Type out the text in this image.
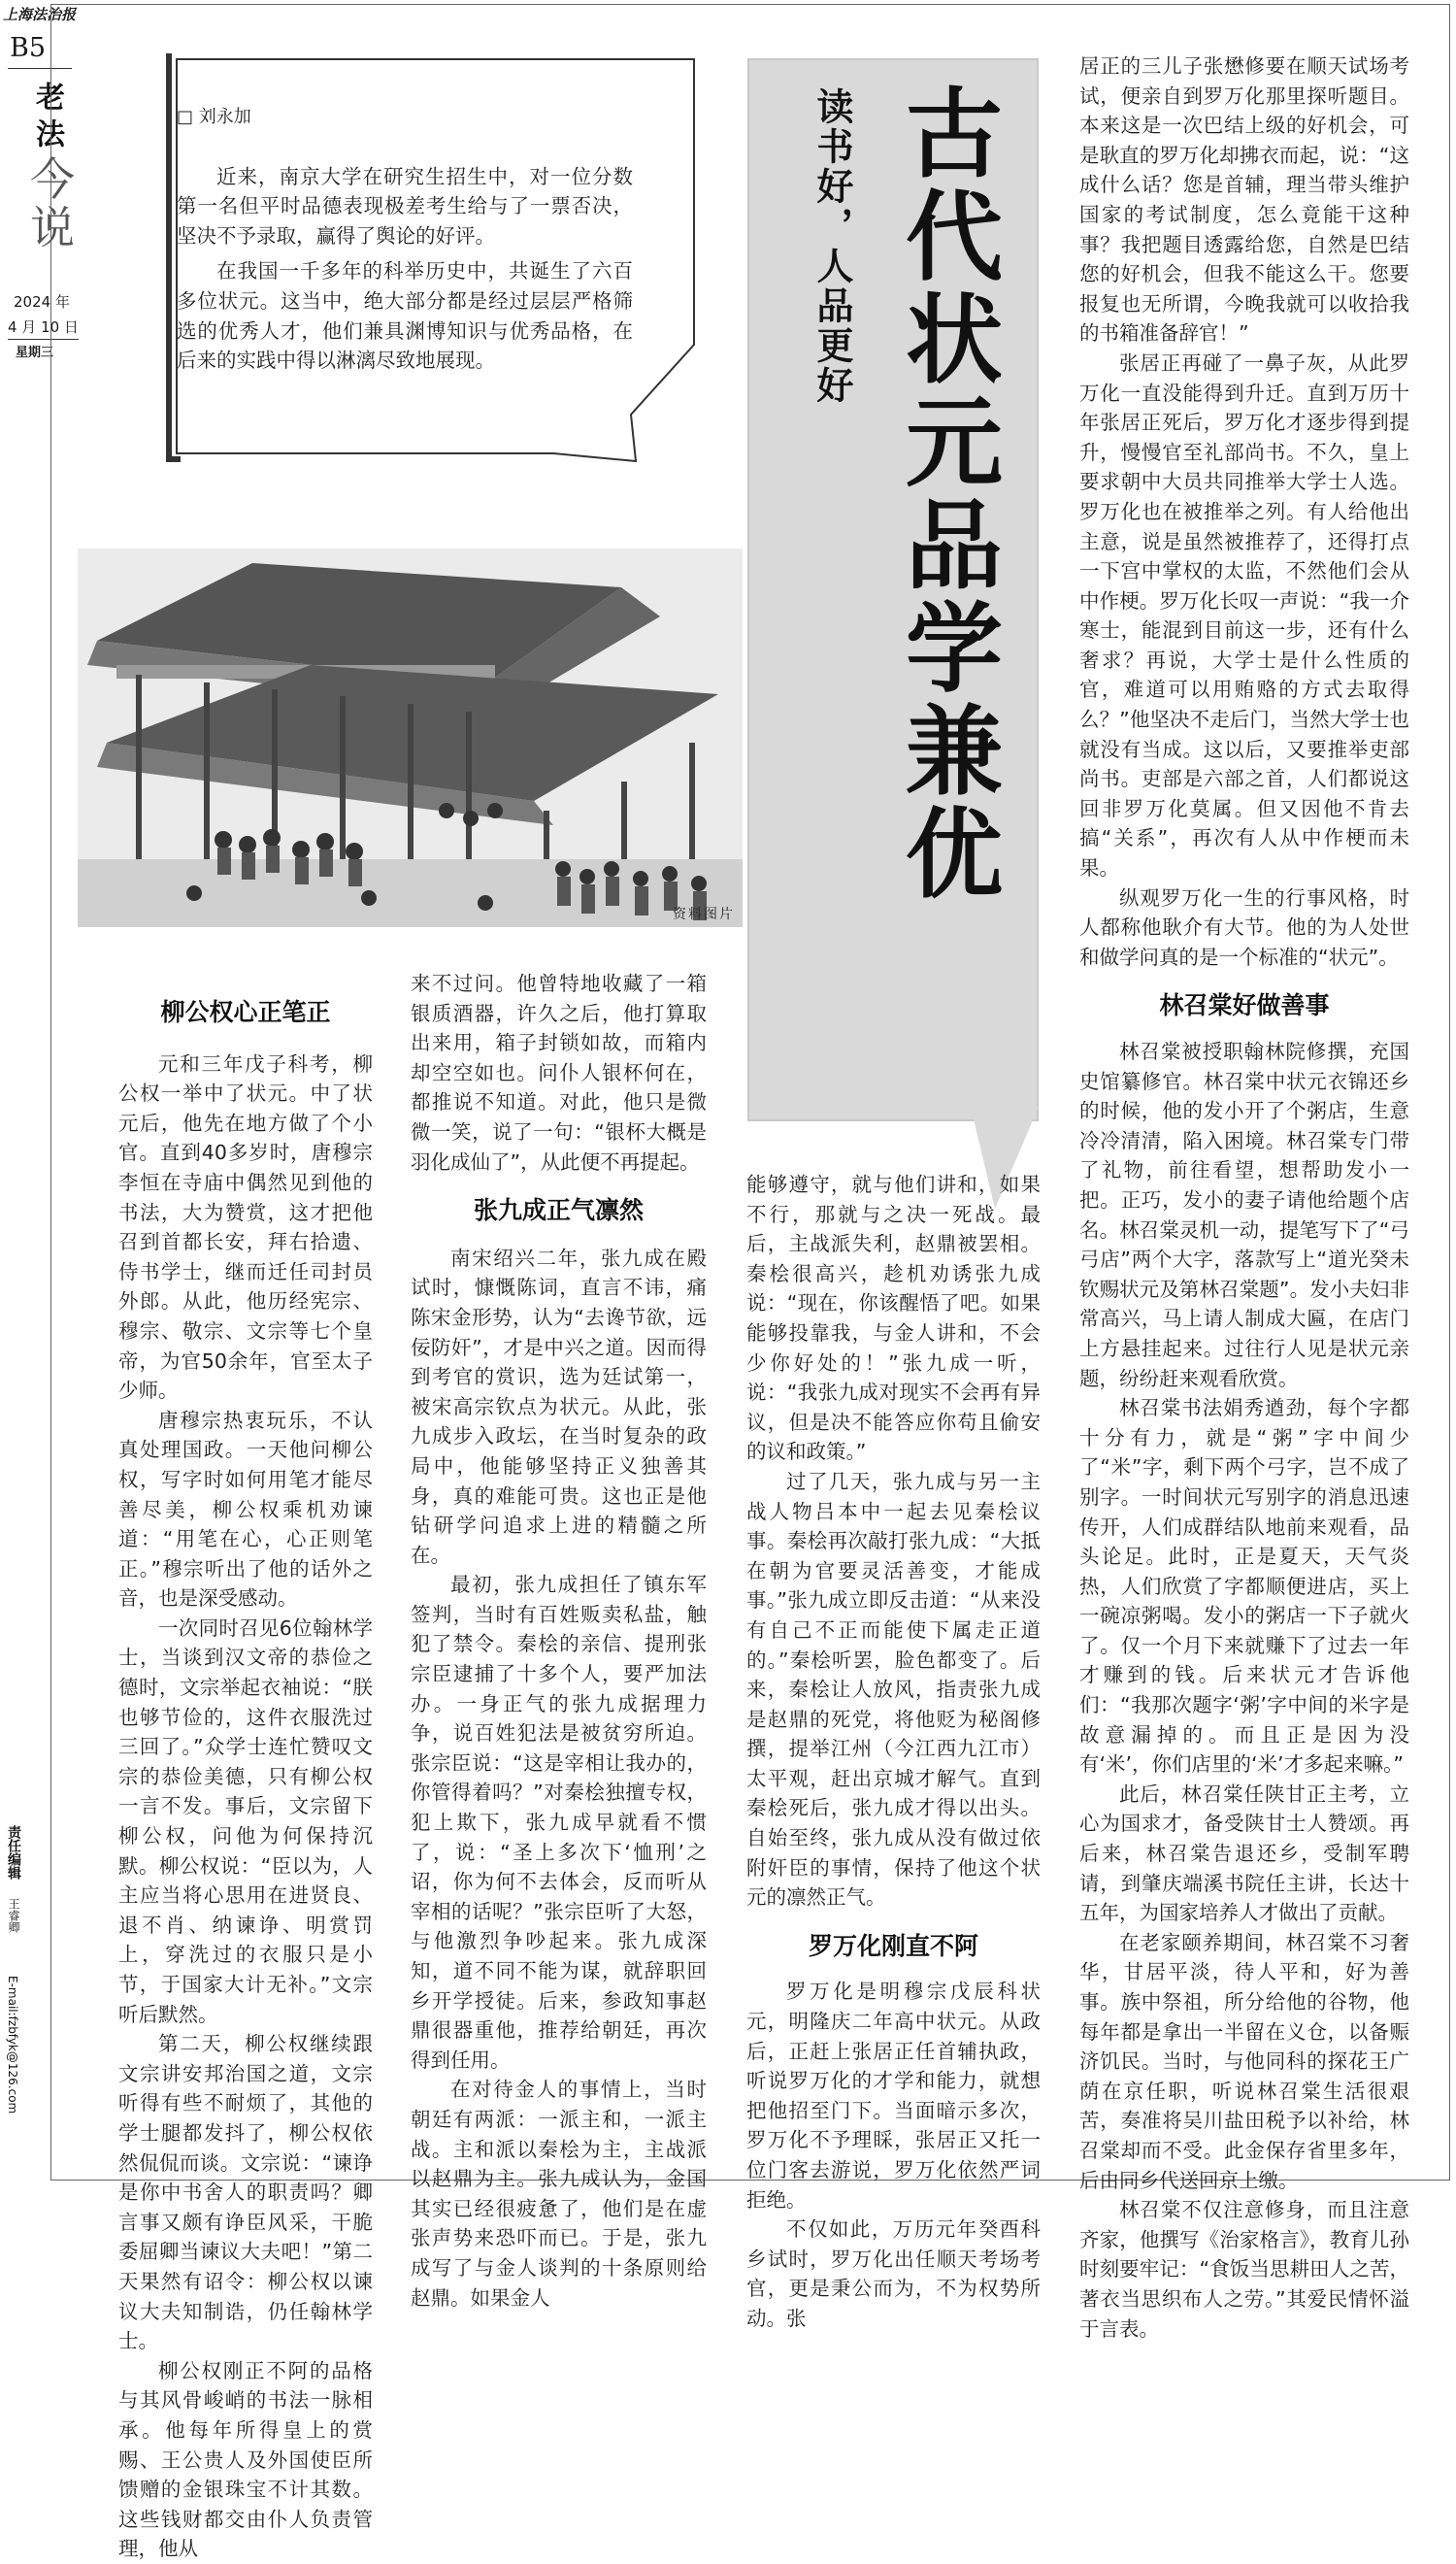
上海法治报
B5
老法
今说
2024 年
4 月 10 日
星期三
责任编辑
王睿卿
E-mail:fzbfyk@126.com

□ 刘永加

近来，南京大学在研究生招生中，对一位分数第一名但平时品德表现极差考生给与了一票否决，坚决不予录取，赢得了舆论的好评。

在我国一千多年的科举历史中，共诞生了六百多位状元。这当中，绝大部分都是经过层层严格筛选的优秀人才，他们兼具渊博知识与优秀品格，在后来的实践中得以淋漓尽致地展现。	古代状元品学兼优
读书好，人品更好
资料图片
柳公权心正笔正

元和三年戊子科考，柳公权一举中了状元。中了状元后，他先在地方做了个小官。直到40多岁时，唐穆宗李恒在寺庙中偶然见到他的书法，大为赞赏，这才把他召到首都长安，拜右拾遗、侍书学士，继而迁任司封员外郎。从此，他历经宪宗、穆宗、敬宗、文宗等七个皇帝，为官50余年，官至太子少师。

唐穆宗热衷玩乐，不认真处理国政。一天他问柳公权，写字时如何用笔才能尽善尽美，柳公权乘机劝谏道：“用笔在心，心正则笔正。”穆宗听出了他的话外之音，也是深受感动。

一次同时召见6位翰林学士，当谈到汉文帝的恭俭之德时，文宗举起衣袖说：“朕也够节俭的，这件衣服洗过三回了。”众学士连忙赞叹文宗的恭俭美德，只有柳公权一言不发。事后，文宗留下柳公权，问他为何保持沉默。柳公权说：“臣以为，人主应当将心思用在进贤良、退不肖、纳谏诤、明赏罚上，穿洗过的衣服只是小节，于国家大计无补。”文宗听后默然。

第二天，柳公权继续跟文宗讲安邦治国之道，文宗听得有些不耐烦了，其他的学士腿都发抖了，柳公权依然侃侃而谈。文宗说：“谏诤是你中书舍人的职责吗？卿言事又颇有诤臣风采，干脆委屈卿当谏议大夫吧！”第二天果然有诏令：柳公权以谏议大夫知制诰，仍任翰林学士。

柳公权刚正不阿的品格与其风骨峻峭的书法一脉相承。他每年所得皇上的赏赐、王公贵人及外国使臣所馈赠的金银珠宝不计其数。这些钱财都交由仆人负责管理，他从

来不过问。他曾特地收藏了一箱银质酒器，许久之后，他打算取出来用，箱子封锁如故，而箱内却空空如也。问仆人银杯何在，都推说不知道。对此，他只是微微一笑，说了一句：“银杯大概是羽化成仙了”，从此便不再提起。

张九成正气凛然

南宋绍兴二年，张九成在殿试时，慷慨陈词，直言不讳，痛陈宋金形势，认为“去谗节欲，远佞防奸”，才是中兴之道。因而得到考官的赏识，选为廷试第一，被宋高宗钦点为状元。从此，张九成步入政坛，在当时复杂的政局中，他能够坚持正义独善其身，真的难能可贵。这也正是他钻研学问追求上进的精髓之所在。

最初，张九成担任了镇东军签判，当时有百姓贩卖私盐，触犯了禁令。秦桧的亲信、提刑张宗臣逮捕了十多个人，要严加法办。一身正气的张九成据理力争，说百姓犯法是被贫穷所迫。张宗臣说：“这是宰相让我办的，你管得着吗？”对秦桧独擅专权，犯上欺下，张九成早就看不惯了，说：“圣上多次下‘恤刑’之诏，你为何不去体会，反而听从宰相的话呢？”张宗臣听了大怒，与他激烈争吵起来。张九成深知，道不同不能为谋，就辞职回乡开学授徒。后来，参政知事赵鼎很器重他，推荐给朝廷，再次得到任用。

在对待金人的事情上，当时朝廷有两派：一派主和，一派主战。主和派以秦桧为主，主战派以赵鼎为主。张九成认为，金国其实已经很疲惫了，他们是在虚张声势来恐吓而已。于是，张九成写了与金人谈判的十条原则给赵鼎。如果金人

能够遵守，就与他们讲和，如果不行，那就与之决一死战。最后，主战派失利，赵鼎被罢相。秦桧很高兴，趁机劝诱张九成说：“现在，你该醒悟了吧。如果能够投靠我，与金人讲和，不会少你好处的！”张九成一听，说：“我张九成对现实不会再有异议，但是决不能答应你苟且偷安的议和政策。”

过了几天，张九成与另一主战人物吕本中一起去见秦桧议事。秦桧再次敲打张九成：“大抵在朝为官要灵活善变，才能成事。”张九成立即反击道：“从来没有自己不正而能使下属走正道的。”秦桧听罢，脸色都变了。后来，秦桧让人放风，指责张九成是赵鼎的死党，将他贬为秘阁修撰，提举江州（今江西九江市）太平观，赶出京城才解气。直到秦桧死后，张九成才得以出头。自始至终，张九成从没有做过依附奸臣的事情，保持了他这个状元的凛然正气。

罗万化刚直不阿

罗万化是明穆宗戊辰科状元，明隆庆二年高中状元。从政后，正赶上张居正任首辅执政，听说罗万化的才学和能力，就想把他招至门下。当面暗示多次，罗万化不予理睬，张居正又托一位门客去游说，罗万化依然严词拒绝。

不仅如此，万历元年癸酉科乡试时，罗万化出任顺天考场考官，更是秉公而为，不为权势所动。张

居正的三儿子张懋修要在顺天试场考试，便亲自到罗万化那里探听题目。本来这是一次巴结上级的好机会，可是耿直的罗万化却拂衣而起，说：“这成什么话？您是首辅，理当带头维护国家的考试制度，怎么竟能干这种事？我把题目透露给您，自然是巴结您的好机会，但我不能这么干。您要报复也无所谓，今晚我就可以收拾我的书箱准备辞官！”

张居正再碰了一鼻子灰，从此罗万化一直没能得到升迁。直到万历十年张居正死后，罗万化才逐步得到提升，慢慢官至礼部尚书。不久，皇上要求朝中大员共同推举大学士人选。罗万化也在被推举之列。有人给他出主意，说是虽然被推荐了，还得打点一下宫中掌权的太监，不然他们会从中作梗。罗万化长叹一声说：“我一介寒士，能混到目前这一步，还有什么奢求？再说，大学士是什么性质的官，难道可以用贿赂的方式去取得么？”他坚决不走后门，当然大学士也就没有当成。这以后，又要推举吏部尚书。吏部是六部之首，人们都说这回非罗万化莫属。但又因他不肯去搞“关系”，再次有人从中作梗而未果。

纵观罗万化一生的行事风格，时人都称他耿介有大节。他的为人处世和做学问真的是一个标准的“状元”。

林召棠好做善事

林召棠被授职翰林院修撰，充国史馆纂修官。林召棠中状元衣锦还乡的时候，他的发小开了个粥店，生意冷冷清清，陷入困境。林召棠专门带了礼物，前往看望，想帮助发小一把。正巧，发小的妻子请他给题个店名。林召棠灵机一动，提笔写下了“弓弓店”两个大字，落款写上“道光癸未钦赐状元及第林召棠题”。发小夫妇非常高兴，马上请人制成大匾，在店门上方悬挂起来。过往行人见是状元亲题，纷纷赶来观看欣赏。

林召棠书法娟秀遒劲，每个字都十分有力，就是“粥”字中间少了“米”字，剩下两个弓字，岂不成了别字。一时间状元写别字的消息迅速传开，人们成群结队地前来观看，品头论足。此时，正是夏天，天气炎热，人们欣赏了字都顺便进店，买上一碗凉粥喝。发小的粥店一下子就火了。仅一个月下来就赚下了过去一年才赚到的钱。后来状元才告诉他们：“我那次题字‘粥’字中间的米字是故意漏掉的。而且正是因为没有‘米’，你们店里的‘米’才多起来嘛。”

此后，林召棠任陕甘正主考，立心为国求才，备受陕甘士人赞颂。再后来，林召棠告退还乡，受制军聘请，到肇庆端溪书院任主讲，长达十五年，为国家培养人才做出了贡献。

在老家颐养期间，林召棠不习奢华，甘居平淡，待人平和，好为善事。族中祭祖，所分给他的谷物，他每年都是拿出一半留在义仓，以备赈济饥民。当时，与他同科的探花王广荫在京任职，听说林召棠生活很艰苦，奏准将吴川盐田税予以补给，林召棠却而不受。此金保存省里多年，后由同乡代送回京上缴。

林召棠不仅注意修身，而且注意齐家，他撰写《治家格言》，教育儿孙时刻要牢记：“食饭当思耕田人之苦，著衣当思织布人之劳。”其爱民情怀溢于言表。
